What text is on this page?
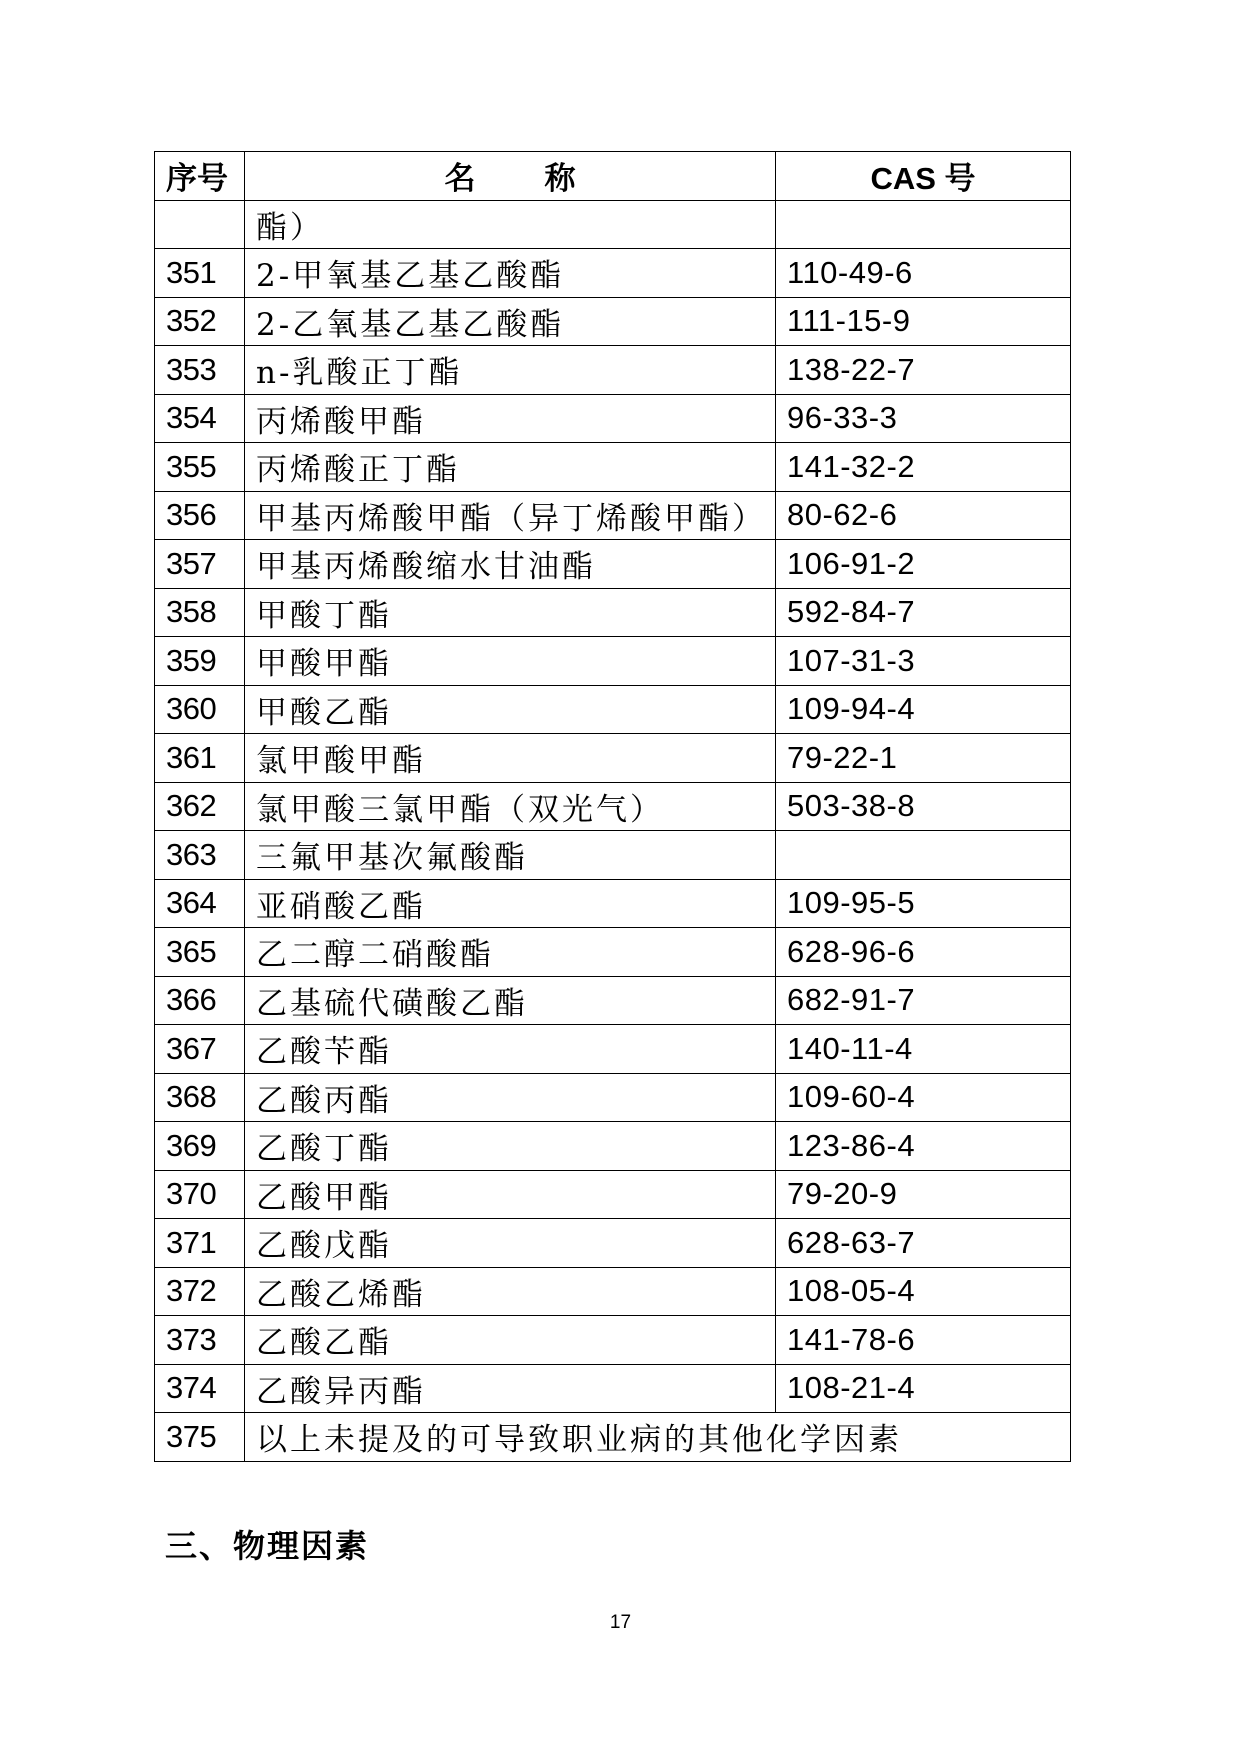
序号	名        称	CAS 号
	酯）	
351	2-甲氧基乙基乙酸酯	110-49-6
352	2-乙氧基乙基乙酸酯	111-15-9
353	n-乳酸正丁酯	138-22-7
354	丙烯酸甲酯	96-33-3
355	丙烯酸正丁酯	141-32-2
356	甲基丙烯酸甲酯（异丁烯酸甲酯）	80-62-6
357	甲基丙烯酸缩水甘油酯	106-91-2
358	甲酸丁酯	592-84-7
359	甲酸甲酯	107-31-3
360	甲酸乙酯	109-94-4
361	氯甲酸甲酯	79-22-1
362	氯甲酸三氯甲酯（双光气）	503-38-8
363	三氟甲基次氟酸酯	
364	亚硝酸乙酯	109-95-5
365	乙二醇二硝酸酯	628-96-6
366	乙基硫代磺酸乙酯	682-91-7
367	乙酸苄酯	140-11-4
368	乙酸丙酯	109-60-4
369	乙酸丁酯	123-86-4
370	乙酸甲酯	79-20-9
371	乙酸戊酯	628-63-7
372	乙酸乙烯酯	108-05-4
373	乙酸乙酯	141-78-6
374	乙酸异丙酯	108-21-4
375	以上未提及的可导致职业病的其他化学因素	
三、物理因素
17
